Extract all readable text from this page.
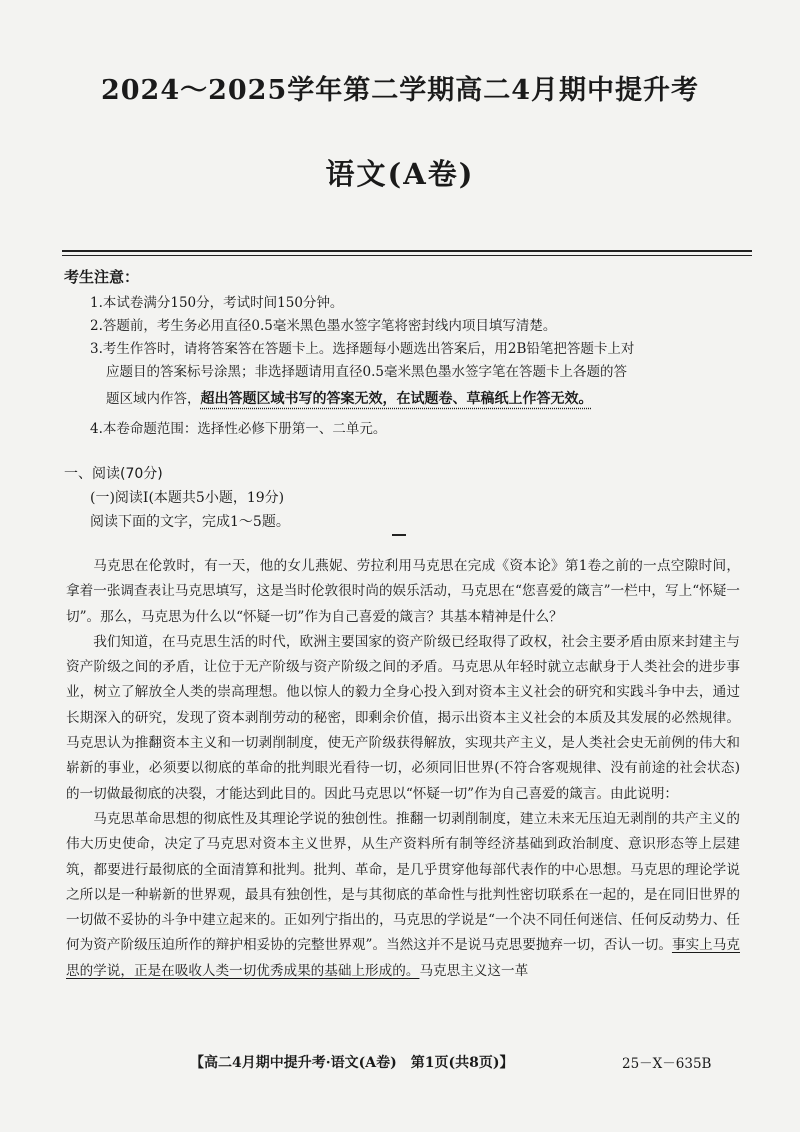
2024～2025学年第二学期高二4月期中提升考
语文(A卷)
考生注意：

1.本试卷满分150分，考试时间150分钟。

2.答题前，考生务必用直径0.5毫米黑色墨水签字笔将密封线内项目填写清楚。

3.考生作答时，请将答案答在答题卡上。选择题每小题选出答案后，用2B铅笔把答题卡上对

应题目的答案标号涂黑；非选择题请用直径0.5毫米黑色墨水签字笔在答题卡上各题的答

题区域内作答，超出答题区域书写的答案无效，在试题卷、草稿纸上作答无效。

4.本卷命题范围：选择性必修下册第一、二单元。

一、阅读(70分)

(一)阅读Ⅰ(本题共5小题，19分)

阅读下面的文字，完成1～5题。

马克思在伦敦时，有一天，他的女儿燕妮、劳拉利用马克思在完成《资本论》第1卷之前的一点空隙时间，拿着一张调查表让马克思填写，这是当时伦敦很时尚的娱乐活动，马克思在“您喜爱的箴言”一栏中，写上“怀疑一切”。那么，马克思为什么以“怀疑一切”作为自己喜爱的箴言？其基本精神是什么？

我们知道，在马克思生活的时代，欧洲主要国家的资产阶级已经取得了政权，社会主要矛盾由原来封建主与资产阶级之间的矛盾，让位于无产阶级与资产阶级之间的矛盾。马克思从年轻时就立志献身于人类社会的进步事业，树立了解放全人类的崇高理想。他以惊人的毅力全身心投入到对资本主义社会的研究和实践斗争中去，通过长期深入的研究，发现了资本剥削劳动的秘密，即剩余价值，揭示出资本主义社会的本质及其发展的必然规律。马克思认为推翻资本主义和一切剥削制度，使无产阶级获得解放，实现共产主义，是人类社会史无前例的伟大和崭新的事业，必须要以彻底的革命的批判眼光看待一切，必须同旧世界(不符合客观规律、没有前途的社会状态)的一切做最彻底的决裂，才能达到此目的。因此马克思以“怀疑一切”作为自己喜爱的箴言。由此说明：

马克思革命思想的彻底性及其理论学说的独创性。推翻一切剥削制度，建立未来无压迫无剥削的共产主义的伟大历史使命，决定了马克思对资本主义世界，从生产资料所有制等经济基础到政治制度、意识形态等上层建筑，都要进行最彻底的全面清算和批判。批判、革命，是几乎贯穿他每部代表作的中心思想。马克思的理论学说之所以是一种崭新的世界观，最具有独创性，是与其彻底的革命性与批判性密切联系在一起的，是在同旧世界的一切做不妥协的斗争中建立起来的。正如列宁指出的，马克思的学说是“一个决不同任何迷信、任何反动势力、任何为资产阶级压迫所作的辩护相妥协的完整世界观”。当然这并不是说马克思要抛弃一切，否认一切。事实上马克思的学说，正是在吸收人类一切优秀成果的基础上形成的。马克思主义这一革

【高二4月期中提升考·语文(A卷)　第1页(共8页)】	25－X－635B
